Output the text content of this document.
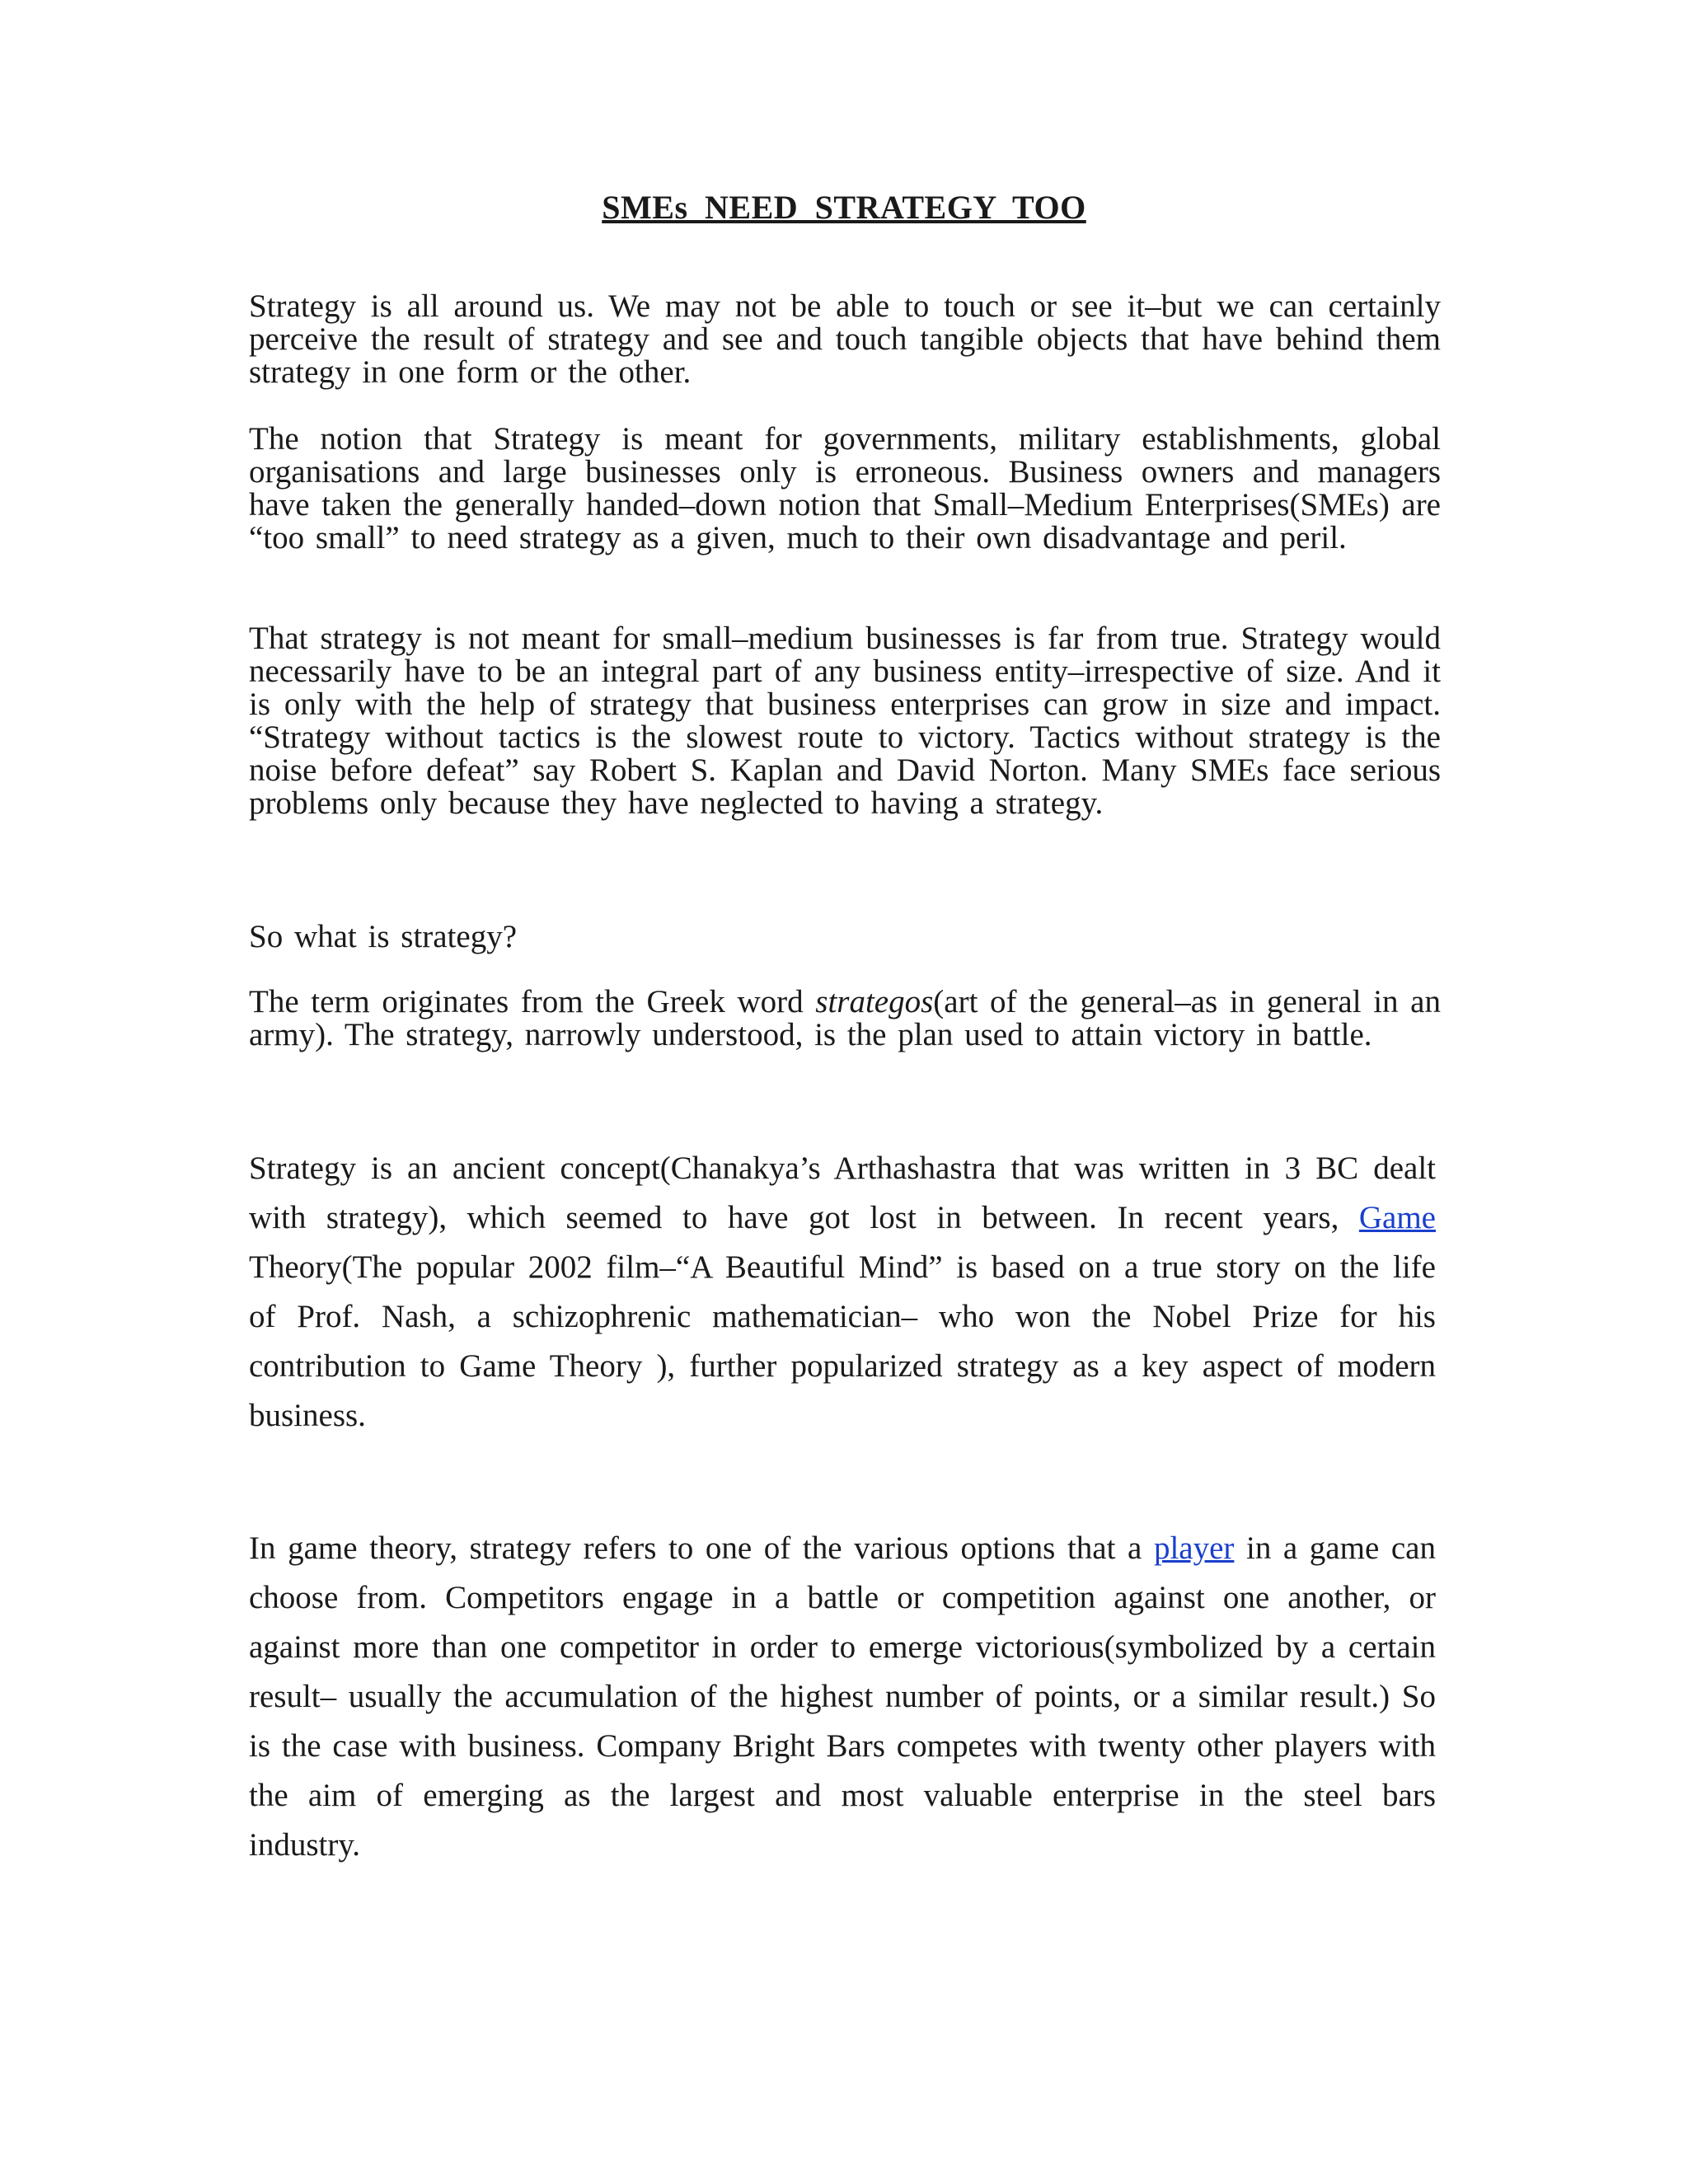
SMEs NEED STRATEGY TOO

Strategy is all around us. We may not be able to touch or see it–but we can certainly perceive the result of strategy and see and touch tangible objects that have behind them strategy in one form or the other.

The notion that Strategy is meant for governments, military establishments, global organisations and large businesses only is erroneous. Business owners and managers have taken the generally handed–down notion that Small–Medium Enterprises(SMEs) are “too small” to need strategy as a given, much to their own disadvantage and peril.

That strategy is not meant for small–medium businesses is far from true. Strategy would necessarily have to be an integral part of any business entity–irrespective of size. And it is only with the help of strategy that business enterprises can grow in size and impact. “Strategy without tactics is the slowest route to victory. Tactics without strategy is the noise before defeat” say Robert S. Kaplan and David Norton. Many SMEs face serious problems only because they have neglected to having a strategy.

So what is strategy?

The term originates from the Greek word strategos(art of the general–as in general in an army). The strategy, narrowly understood, is the plan used to attain victory in battle.

Strategy is an ancient concept(Chanakya’s Arthashastra that was written in 3 BC dealt with strategy), which seemed to have got lost in between. In recent years, Game Theory(The popular 2002 film–“A Beautiful Mind” is based on a true story on the life of Prof. Nash, a schizophrenic mathematician– who won the Nobel Prize for his contribution to Game Theory ), further popularized strategy as a key aspect of modern business.

In game theory, strategy refers to one of the various options that a player in a game can choose from. Competitors engage in a battle or competition against one another, or against more than one competitor in order to emerge victorious(symbolized by a certain result– usually the accumulation of the highest number of points, or a similar result.) So is the case with business. Company Bright Bars competes with twenty other players with the aim of emerging as the largest and most valuable enterprise in the steel bars industry.
